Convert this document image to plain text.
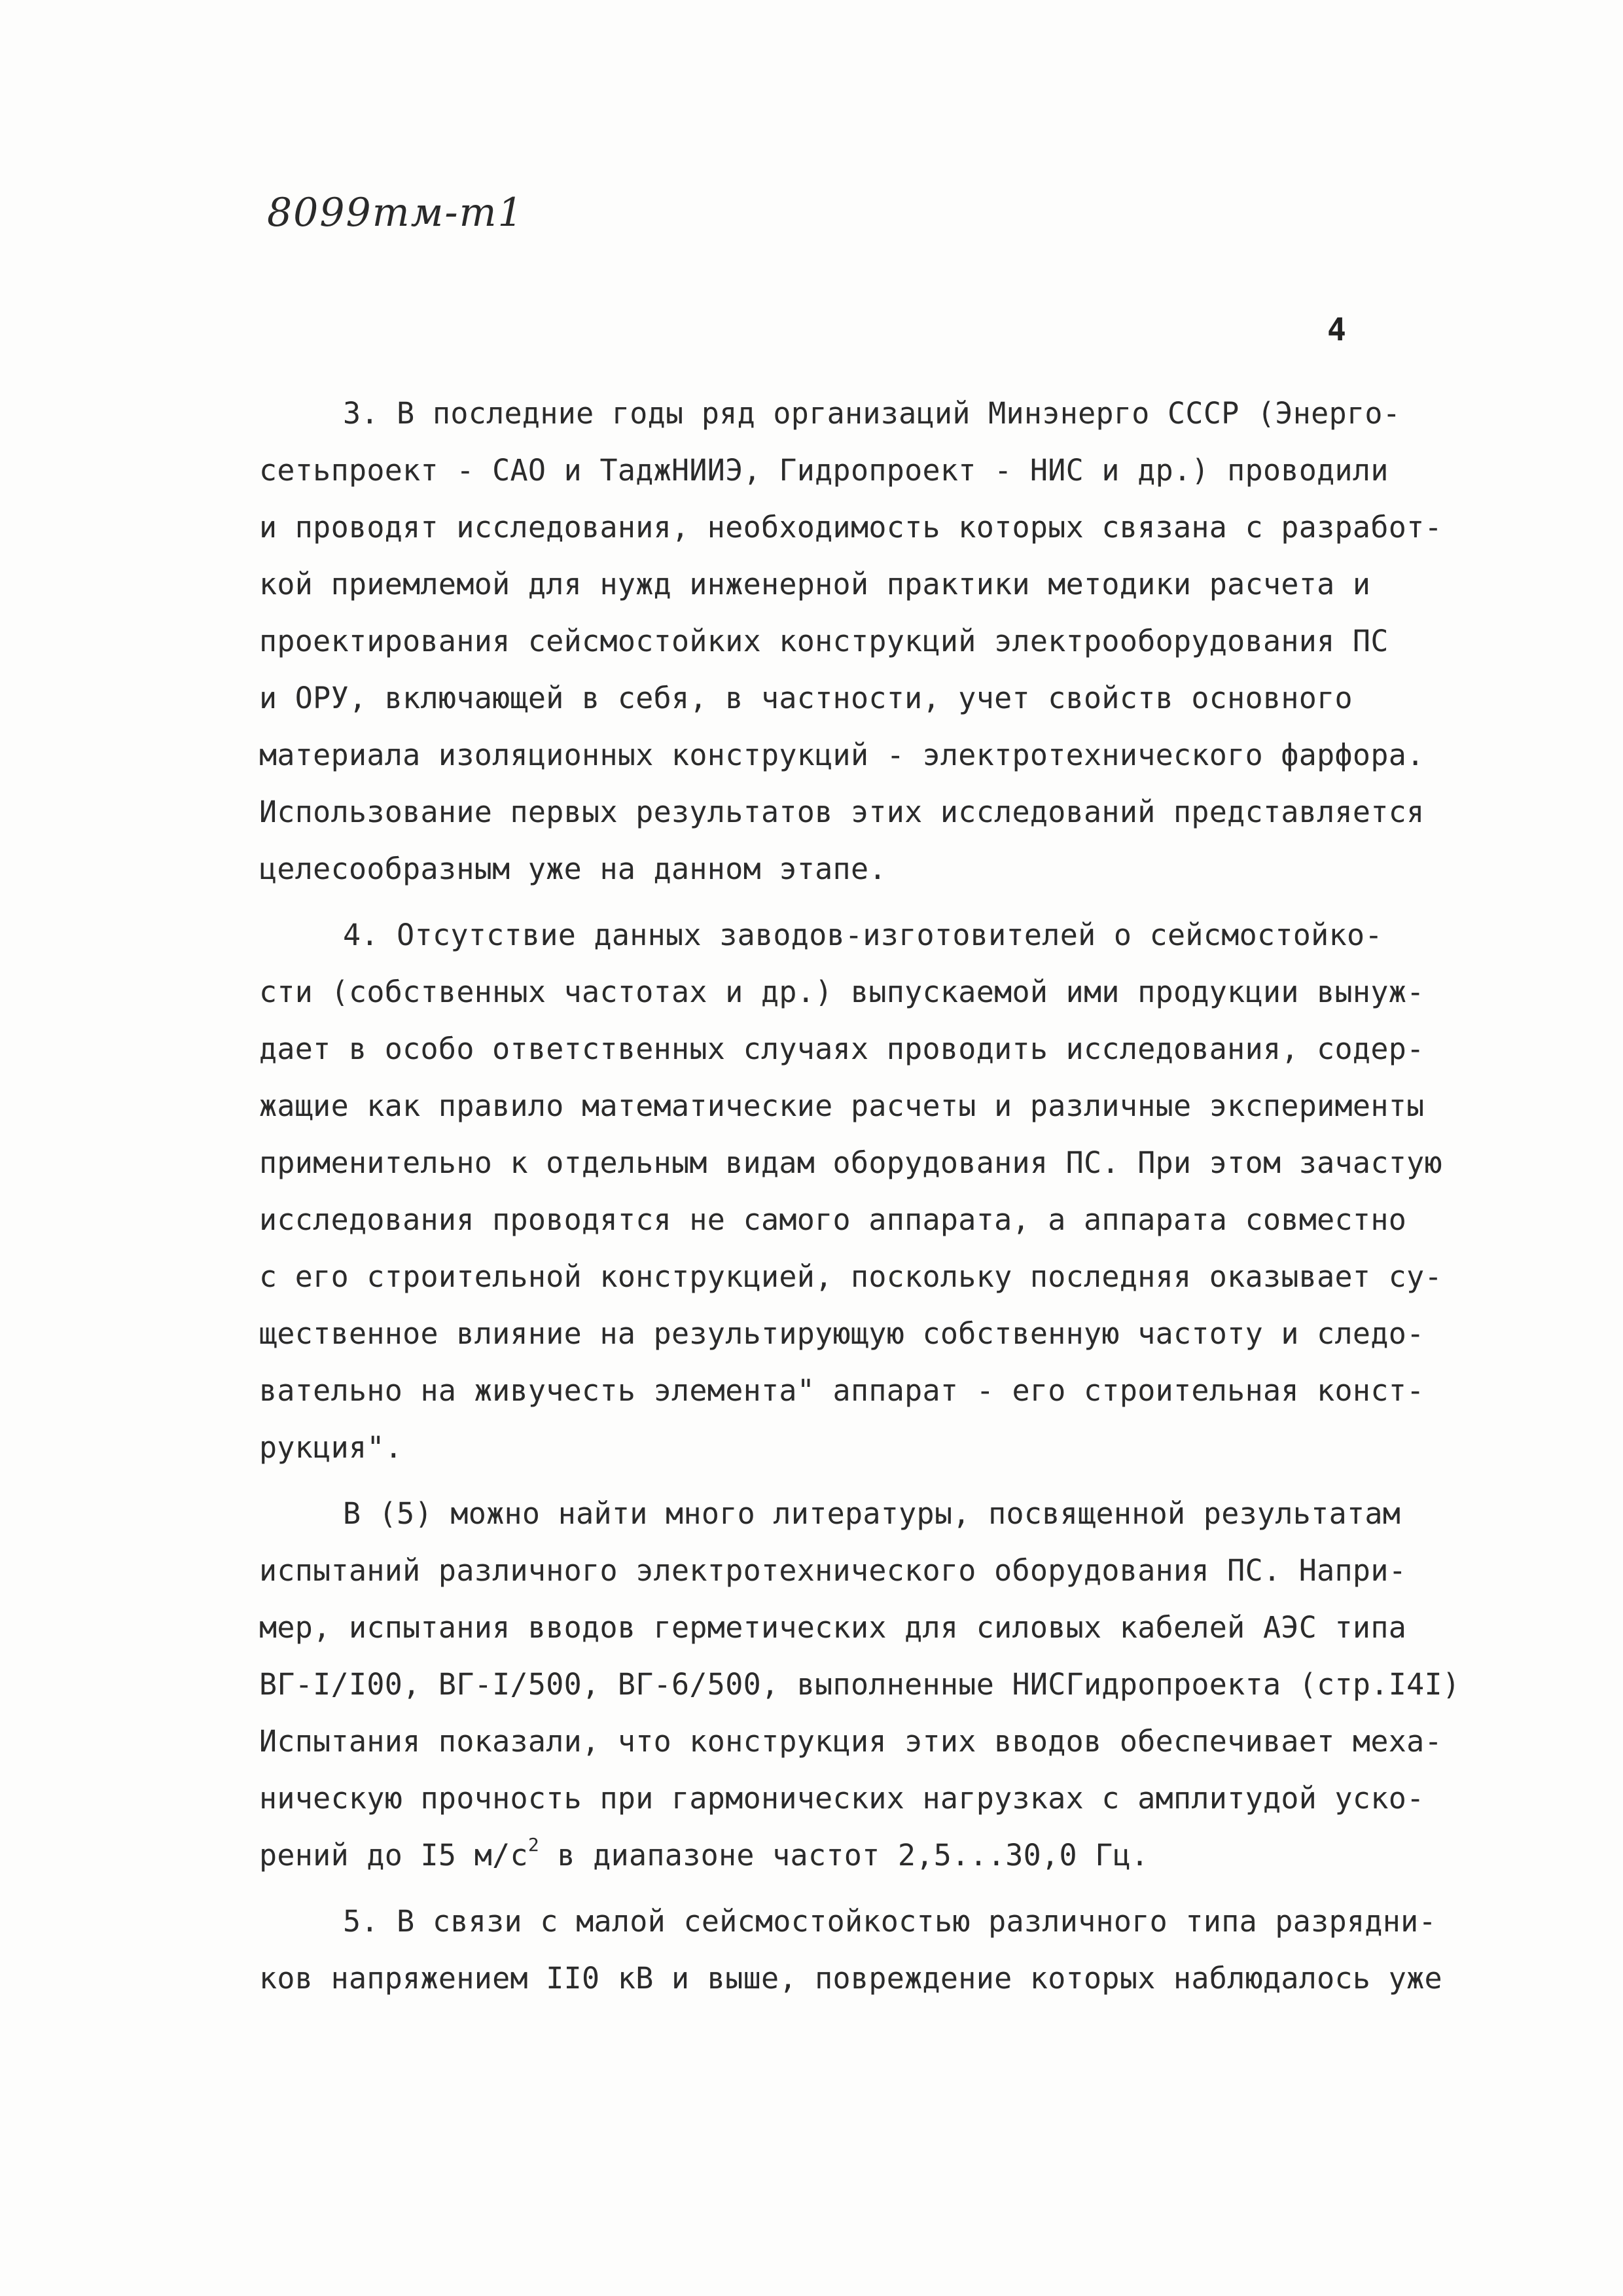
8099тм-т1
4
3. В последние годы ряд организаций Минэнерго СССР (Энерго-
сетьпроект - САО и ТаджНИИЭ, Гидропроект - НИС и др.) проводили
и проводят исследования, необходимость которых связана с разработ-
кой приемлемой для нужд инженерной практики методики расчета и
проектирования сейсмостойких конструкций электрооборудования ПС
и ОРУ, включающей в себя, в частности, учет свойств основного
материала изоляционных конструкций - электротехнического фарфора.
Использование первых результатов этих исследований представляется
целесообразным уже на данном этапе.
4. Отсутствие данных заводов-изготовителей о сейсмостойко-
сти (собственных частотах и др.) выпускаемой ими продукции вынуж-
дает в особо ответственных случаях проводить исследования, содер-
жащие как правило математические расчеты и различные эксперименты
применительно к отдельным видам оборудования ПС. При этом зачастую
исследования проводятся не самого аппарата, а аппарата совместно
с его строительной конструкцией, поскольку последняя оказывает су-
щественное влияние на результирующую собственную частоту и следо-
вательно на живучесть элемента" аппарат - его строительная конст-
рукция".
В (5) можно найти много литературы, посвященной результатам
испытаний различного электротехнического оборудования ПС. Напри-
мер, испытания вводов герметических для силовых кабелей АЭС типа
ВГ-I/I00, ВГ-I/500, ВГ-6/500, выполненные НИСГидропроекта (стр.I4I)
Испытания показали, что конструкция этих вводов обеспечивает меха-
ническую прочность при гармонических нагрузках с амплитудой уско-
рений до I5 $м/с^2$ в диапазоне частот 2,5...30,0 Гц.
5. В связи с малой сейсмостойкостью различного типа разрядни-
ков напряжением II0 кВ и выше, повреждение которых наблюдалось уже
